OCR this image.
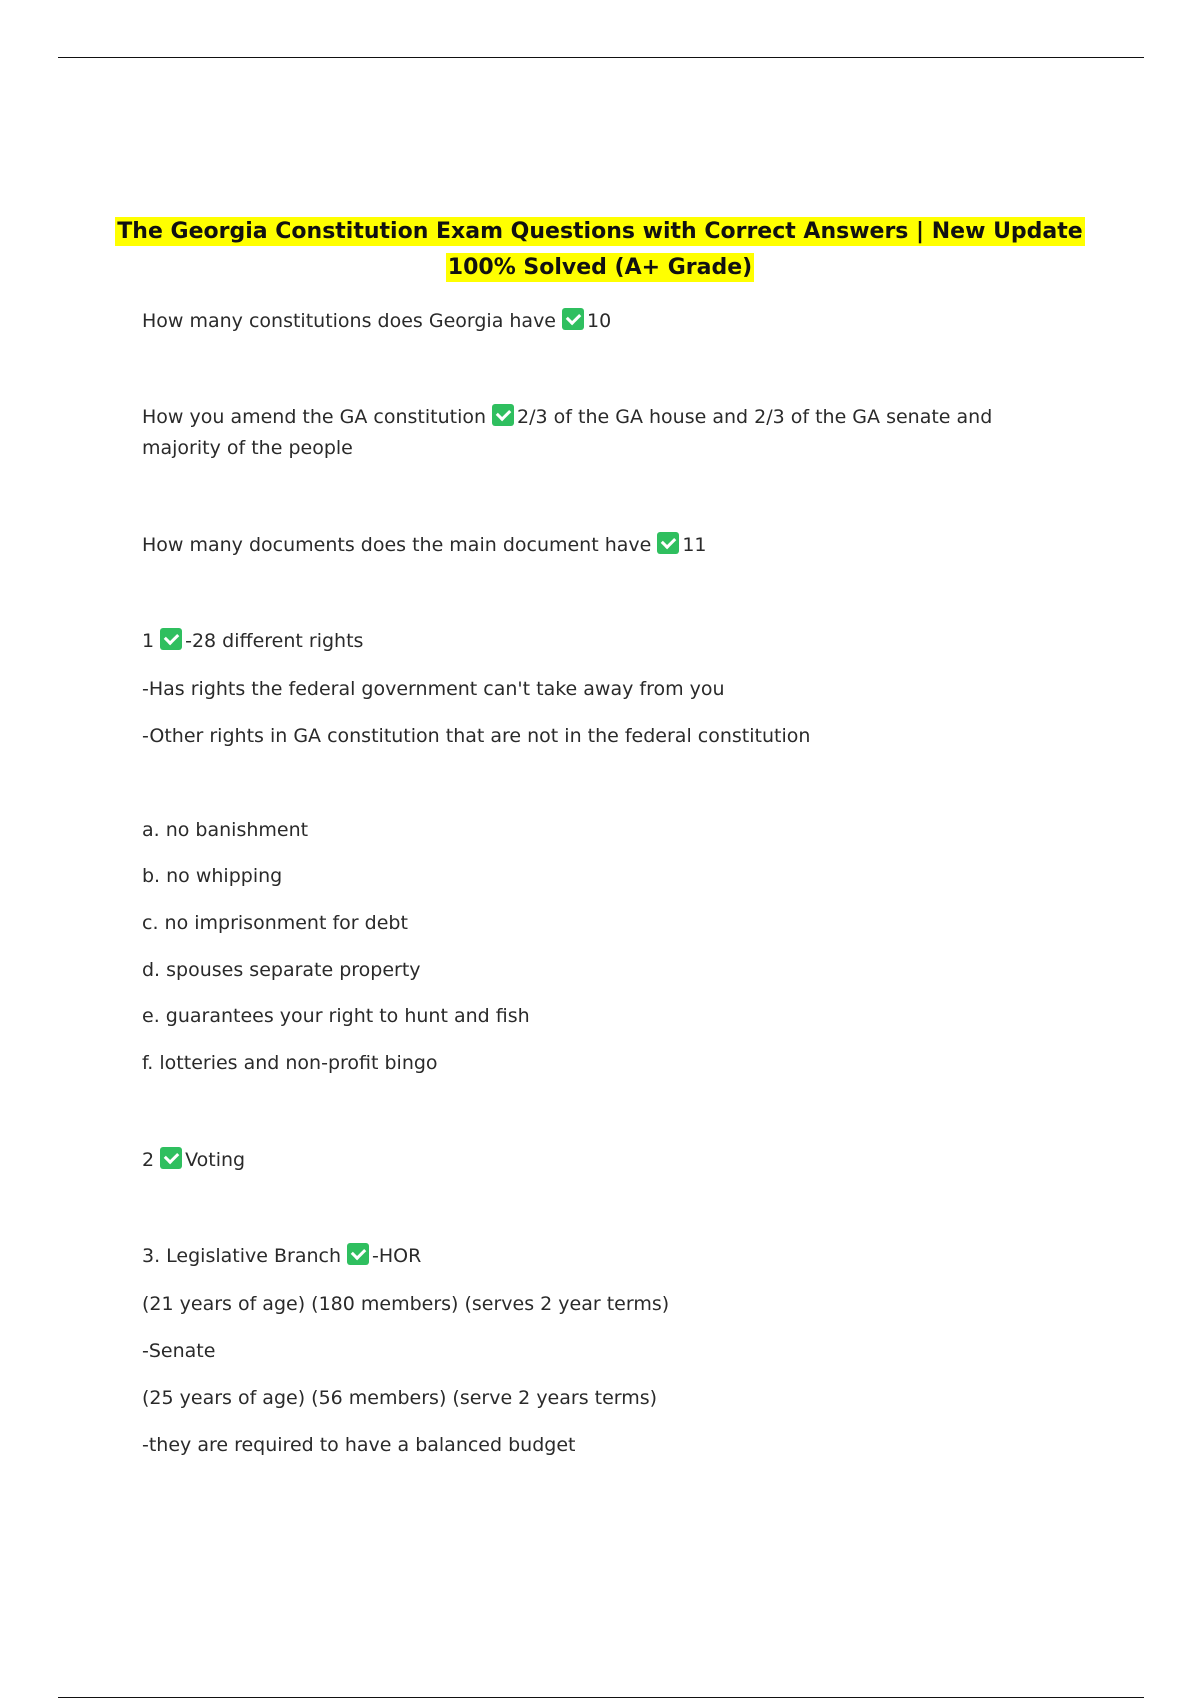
The Georgia Constitution Exam Questions with Correct Answers | New Update
100% Solved (A+ Grade)
How many constitutions does Georgia have 10
How you amend the GA constitution 2/3 of the GA house and 2/3 of the GA senate and majority of the people
How many documents does the main document have 11
1 -28 different rights
-Has rights the federal government can't take away from you
-Other rights in GA constitution that are not in the federal constitution
a. no banishment
b. no whipping
c. no imprisonment for debt
d. spouses separate property
e. guarantees your right to hunt and fish
f. lotteries and non-profit bingo
2 Voting
3. Legislative Branch -HOR
(21 years of age) (180 members) (serves 2 year terms)
-Senate
(25 years of age) (56 members) (serve 2 years terms)
-they are required to have a balanced budget
